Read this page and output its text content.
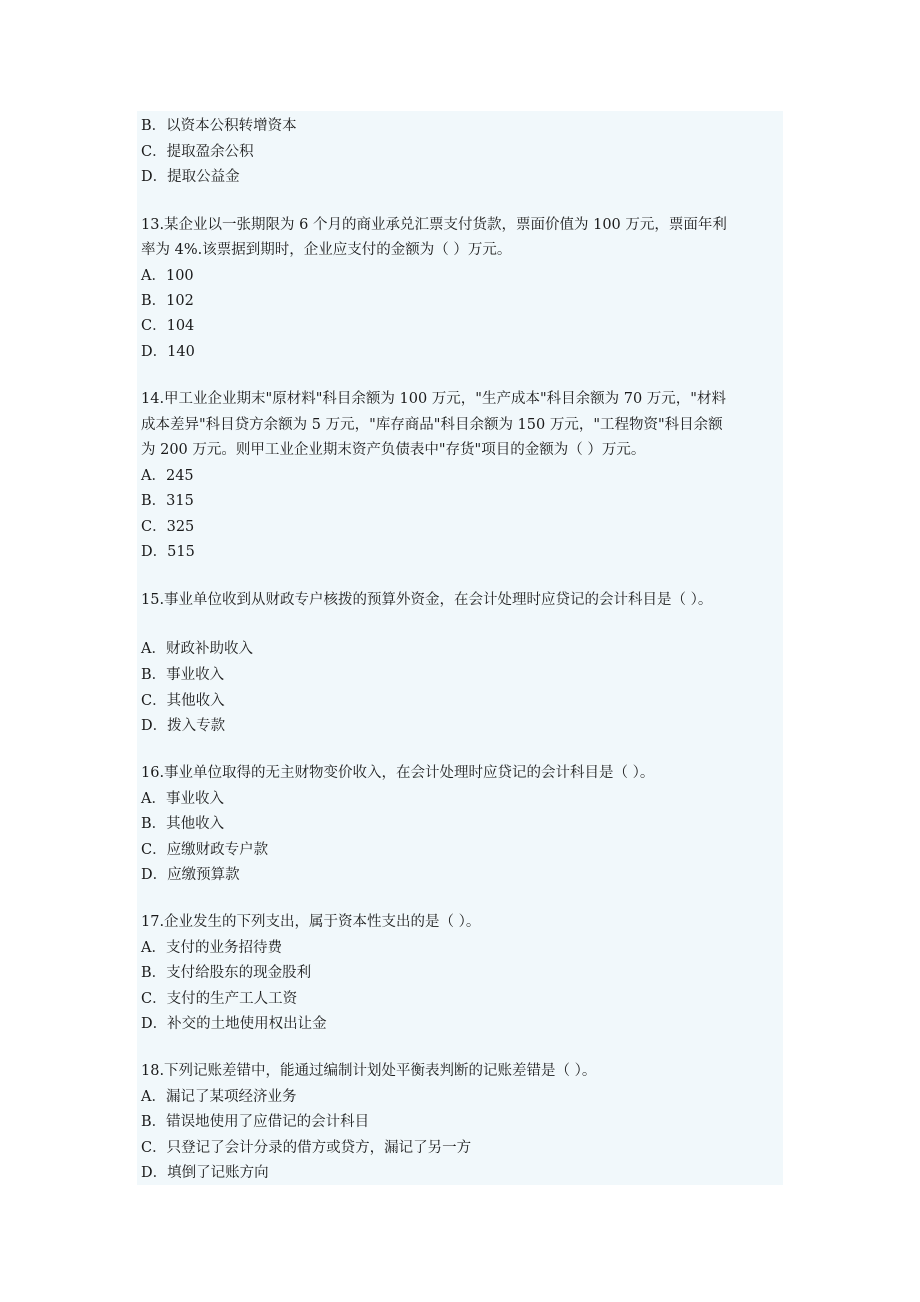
B．以资本公积转增资本
C．提取盈余公积
D．提取公益金
13.某企业以一张期限为 6 个月的商业承兑汇票支付货款，票面价值为 100 万元，票面年利
率为 4%.该票据到期时，企业应支付的金额为（ ）万元。
A．100
B．102
C．104
D．140
14.甲工业企业期末"原材料"科目余额为 100 万元，"生产成本"科目余额为 70 万元，"材料
成本差异"科目贷方余额为 5 万元，"库存商品"科目余额为 150 万元，"工程物资"科目余额
为 200 万元。则甲工业企业期末资产负债表中"存货"项目的金额为（ ）万元。
A．245
B．315
C．325
D．515
15.事业单位收到从财政专户核拨的预算外资金，在会计处理时应贷记的会计科目是（ ）。
A．财政补助收入
B．事业收入
C．其他收入
D．拨入专款
16.事业单位取得的无主财物变价收入，在会计处理时应贷记的会计科目是（ ）。
A．事业收入
B．其他收入
C．应缴财政专户款
D．应缴预算款
17.企业发生的下列支出，属于资本性支出的是（ ）。
A．支付的业务招待费
B．支付给股东的现金股利
C．支付的生产工人工资
D．补交的土地使用权出让金
18.下列记账差错中，能通过编制计划处平衡表判断的记账差错是（ ）。
A．漏记了某项经济业务
B．错误地使用了应借记的会计科目
C．只登记了会计分录的借方或贷方，漏记了另一方
D．填倒了记账方向
